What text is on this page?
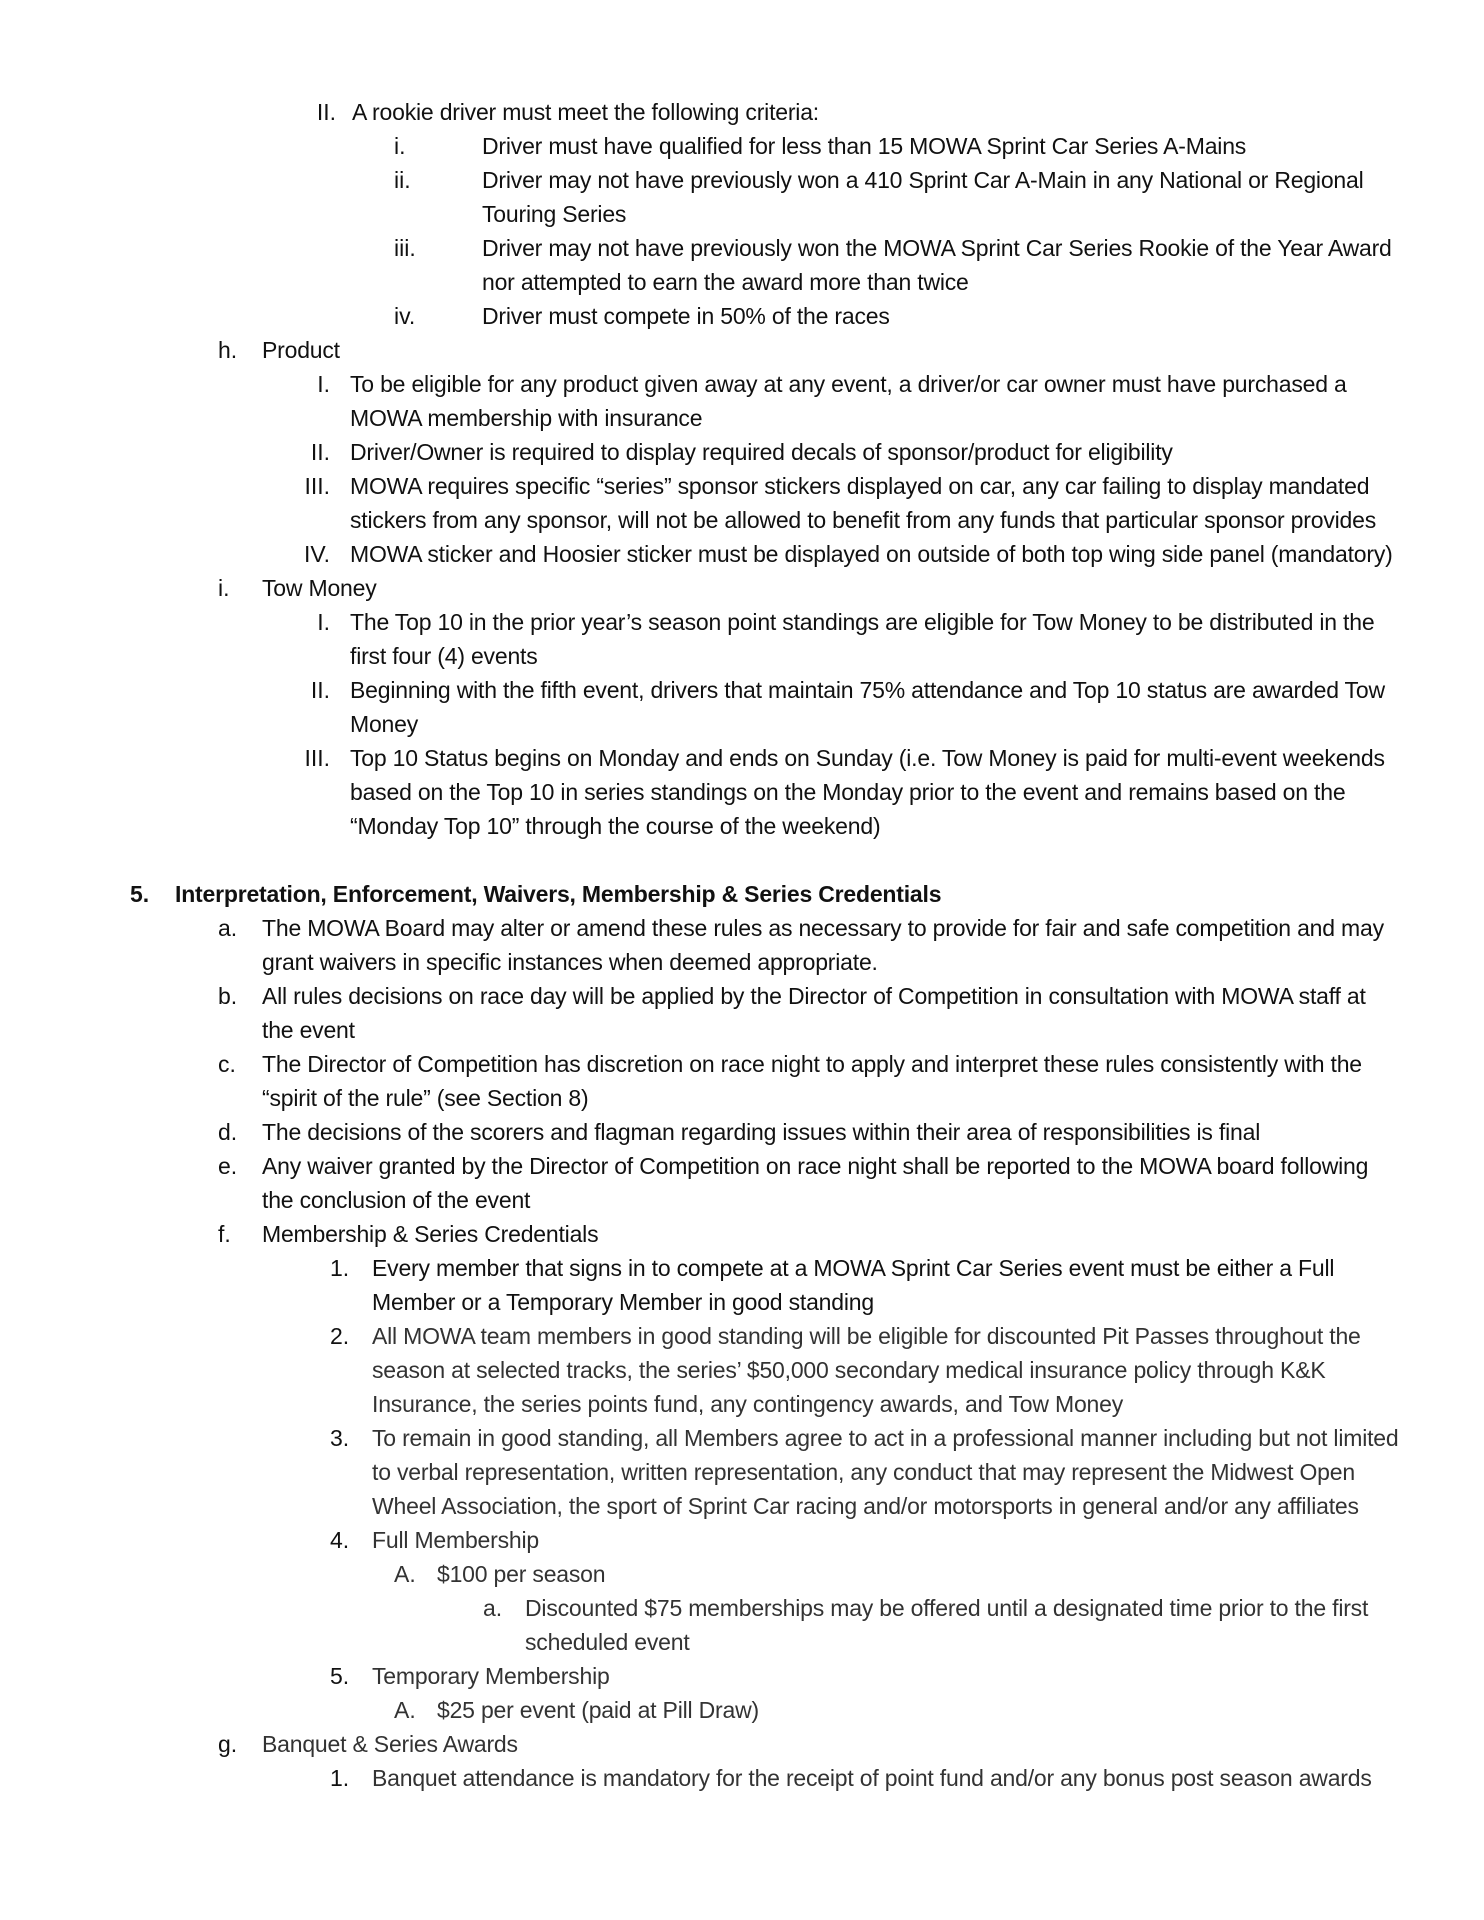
II. A rookie driver must meet the following criteria:
i.	Driver must have qualified for less than 15 MOWA Sprint Car Series A-Mains
ii.	Driver may not have previously won a 410 Sprint Car A-Main in any National or Regional
Touring Series
iii.	Driver may not have previously won the MOWA Sprint Car Series Rookie of the Year Award
nor attempted to earn the award more than twice
iv.	Driver must compete in 50% of the races
h. Product
I. To be eligible for any product given away at any event, a driver/or car owner must have purchased a
MOWA membership with insurance
II. Driver/Owner is required to display required decals of sponsor/product for eligibility
III. MOWA requires specific “series” sponsor stickers displayed on car, any car failing to display mandated
stickers from any sponsor, will not be allowed to benefit from any funds that particular sponsor provides
IV. MOWA sticker and Hoosier sticker must be displayed on outside of both top wing side panel (mandatory)
i. Tow Money
I. The Top 10 in the prior year’s season point standings are eligible for Tow Money to be distributed in the
first four (4) events
II. Beginning with the fifth event, drivers that maintain 75% attendance and Top 10 status are awarded Tow
Money
III. Top 10 Status begins on Monday and ends on Sunday (i.e. Tow Money is paid for multi-event weekends
based on the Top 10 in series standings on the Monday prior to the event and remains based on the
“Monday Top 10” through the course of the weekend)
5. Interpretation, Enforcement, Waivers, Membership & Series Credentials
a. The MOWA Board may alter or amend these rules as necessary to provide for fair and safe competition and may
grant waivers in specific instances when deemed appropriate.
b. All rules decisions on race day will be applied by the Director of Competition in consultation with MOWA staff at
the event
c. The Director of Competition has discretion on race night to apply and interpret these rules consistently with the
“spirit of the rule” (see Section 8)
d. The decisions of the scorers and flagman regarding issues within their area of responsibilities is final
e. Any waiver granted by the Director of Competition on race night shall be reported to the MOWA board following
the conclusion of the event
f. Membership & Series Credentials
1. Every member that signs in to compete at a MOWA Sprint Car Series event must be either a Full
Member or a Temporary Member in good standing
2. All MOWA team members in good standing will be eligible for discounted Pit Passes throughout the
season at selected tracks, the series’ $50,000 secondary medical insurance policy through K&K
Insurance, the series points fund, any contingency awards, and Tow Money
3. To remain in good standing, all Members agree to act in a professional manner including but not limited
to verbal representation, written representation, any conduct that may represent the Midwest Open
Wheel Association, the sport of Sprint Car racing and/or motorsports in general and/or any affiliates
4. Full Membership
A. $100 per season
a. Discounted $75 memberships may be offered until a designated time prior to the first
scheduled event
5. Temporary Membership
A. $25 per event (paid at Pill Draw)
g. Banquet & Series Awards
1. Banquet attendance is mandatory for the receipt of point fund and/or any bonus post season awards
